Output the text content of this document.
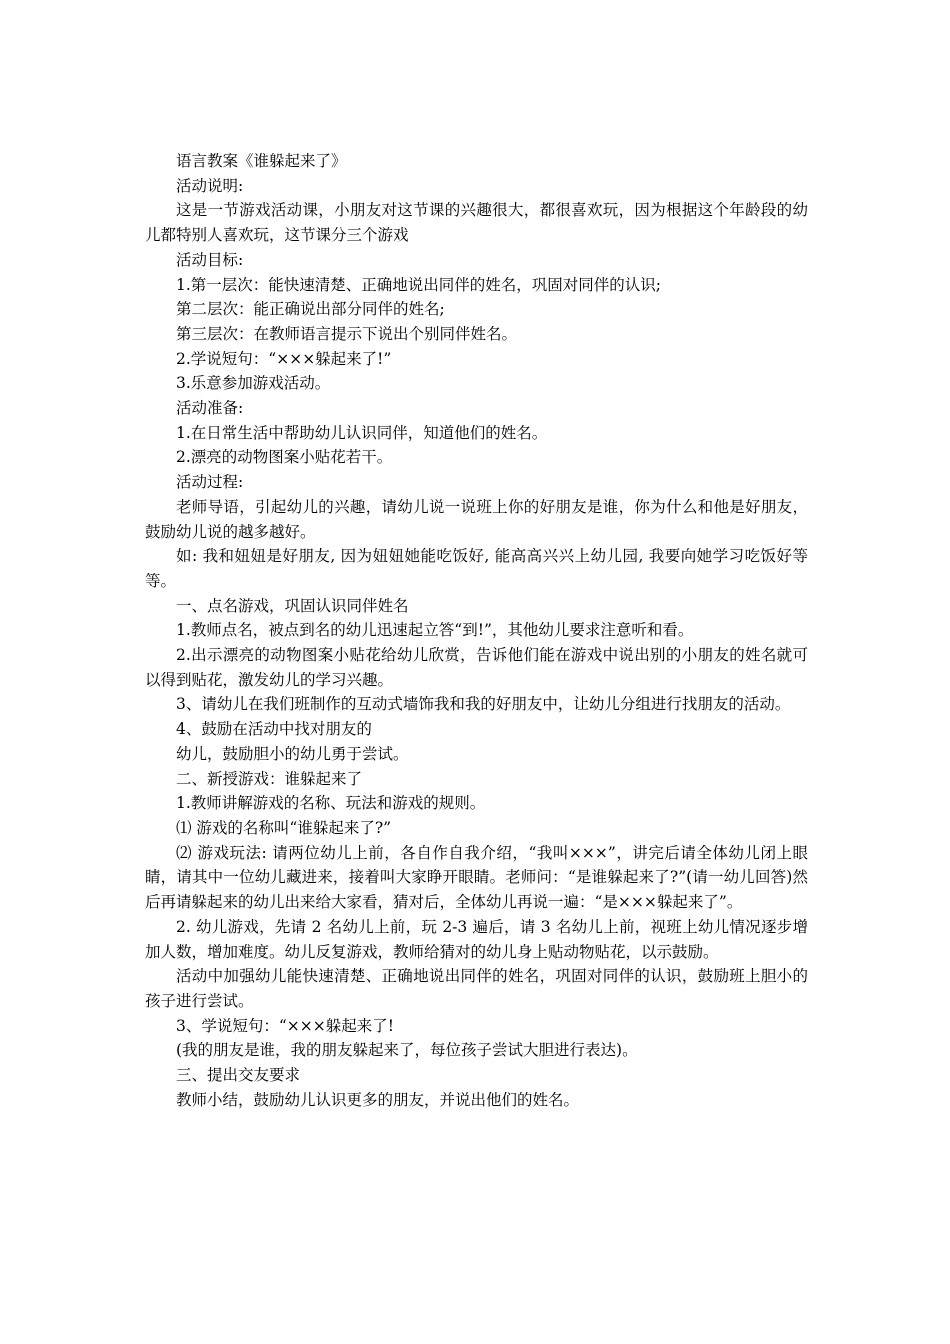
语言教案《谁躲起来了》

活动说明:

这是一节游戏活动课，小朋友对这节课的兴趣很大，都很喜欢玩，因为根据这个年龄段的幼儿都特别人喜欢玩，这节课分三个游戏

活动目标:

1.第一层次：能快速清楚、正确地说出同伴的姓名，巩固对同伴的认识;

第二层次：能正确说出部分同伴的姓名;

第三层次：在教师语言提示下说出个别同伴姓名。

2.学说短句：“×××躲起来了!”

3.乐意参加游戏活动。

活动准备:

1.在日常生活中帮助幼儿认识同伴，知道他们的姓名。

2.漂亮的动物图案小贴花若干。

活动过程:

老师导语，引起幼儿的兴趣，请幼儿说一说班上你的好朋友是谁，你为什么和他是好朋友，鼓励幼儿说的越多越好。

如: 我和妞妞是好朋友, 因为妞妞她能吃饭好, 能高高兴兴上幼儿园, 我要向她学习吃饭好等等。

一、点名游戏，巩固认识同伴姓名

1.教师点名，被点到名的幼儿迅速起立答“到!”，其他幼儿要求注意听和看。

2.出示漂亮的动物图案小贴花给幼儿欣赏，告诉他们能在游戏中说出别的小朋友的姓名就可以得到贴花，激发幼儿的学习兴趣。

3、请幼儿在我们班制作的互动式墙饰我和我的好朋友中，让幼儿分组进行找朋友的活动。

4、鼓励在活动中找对朋友的

幼儿，鼓励胆小的幼儿勇于尝试。

二、新授游戏：谁躲起来了

1.教师讲解游戏的名称、玩法和游戏的规则。

⑴ 游戏的名称叫“谁躲起来了?”

⑵ 游戏玩法: 请两位幼儿上前，各自作自我介绍，“我叫×××”，讲完后请全体幼儿闭上眼睛，请其中一位幼儿藏进来，接着叫大家睁开眼睛。老师问：“是谁躲起来了?”(请一幼儿回答)然后再请躲起来的幼儿出来给大家看，猜对后，全体幼儿再说一遍：“是×××躲起来了”。

2. 幼儿游戏，先请 2 名幼儿上前，玩 2-3 遍后，请 3 名幼儿上前，视班上幼儿情况逐步增加人数，增加难度。幼儿反复游戏，教师给猜对的幼儿身上贴动物贴花，以示鼓励。

活动中加强幼儿能快速清楚、正确地说出同伴的姓名，巩固对同伴的认识，鼓励班上胆小的孩子进行尝试。

3、学说短句：“×××躲起来了!

(我的朋友是谁，我的朋友躲起来了，每位孩子尝试大胆进行表达)。

三、提出交友要求

教师小结，鼓励幼儿认识更多的朋友，并说出他们的姓名。
